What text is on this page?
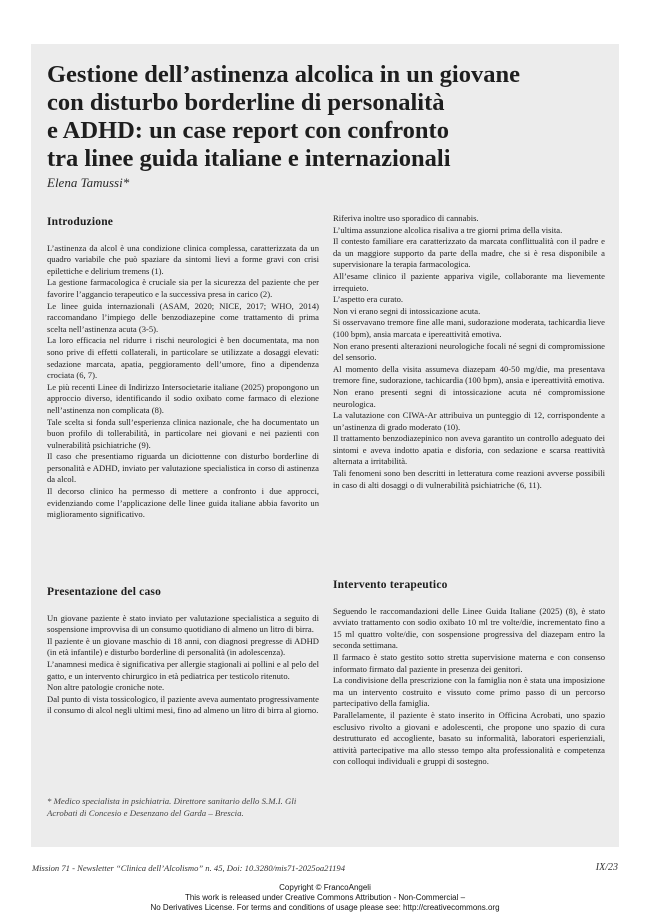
Gestione dell’astinenza alcolica in un giovane
con disturbo borderline di personalità
e ADHD: un case report con confronto
tra linee guida italiane e internazionali
Elena Tamussi*
Introduzione

L’astinenza da alcol è una condizione clinica complessa, caratterizzata da un quadro variabile che può spaziare da sintomi lievi a forme gravi con crisi epilettiche e delirium tremens (1).

La gestione farmacologica è cruciale sia per la sicurezza del paziente che per favorire l’aggancio terapeutico e la successiva presa in carico (2).

Le linee guida internazionali (ASAM, 2020; NICE, 2017; WHO, 2014) raccomandano l’impiego delle benzodiazepine come trattamento di prima scelta nell’astinenza acuta (3-5).

La loro efficacia nel ridurre i rischi neurologici è ben documentata, ma non sono prive di effetti collaterali, in particolare se utilizzate a dosaggi elevati: sedazione marcata, apatia, peggioramento dell’umore, fino a dipendenza crociata (6, 7).

Le più recenti Linee di Indirizzo Intersocietarie italiane (2025) propongono un approccio diverso, identificando il sodio oxibato come farmaco di elezione nell’astinenza non complicata (8).

Tale scelta si fonda sull’esperienza clinica nazionale, che ha documentato un buon profilo di tollerabilità, in particolare nei giovani e nei pazienti con vulnerabilità psichiatriche (9).

Il caso che presentiamo riguarda un diciottenne con disturbo borderline di personalità e ADHD, inviato per valutazione specialistica in corso di astinenza da alcol.

Il decorso clinico ha permesso di mettere a confronto i due approcci, evidenziando come l’applicazione delle linee guida italiane abbia favorito un miglioramento significativo.

Presentazione del caso

Un giovane paziente è stato inviato per valutazione specialistica a seguito di sospensione improvvisa di un consumo quotidiano di almeno un litro di birra.

Il paziente è un giovane maschio di 18 anni, con diagnosi pregresse di ADHD (in età infantile) e disturbo borderline di personalità (in adolescenza).

L’anamnesi medica è significativa per allergie stagionali ai pollini e al pelo del gatto, e un intervento chirurgico in età pediatrica per testicolo ritenuto.

Non altre patologie croniche note.

Dal punto di vista tossicologico, il paziente aveva aumentato progressivamente il consumo di alcol negli ultimi mesi, fino ad almeno un litro di birra al giorno.

* Medico specialista in psichiatria. Direttore sanitario dello S.M.I. Gli Acrobati di Concesio e Desenzano del Garda – Brescia.

Riferiva inoltre uso sporadico di cannabis.

L’ultima assunzione alcolica risaliva a tre giorni prima della visita.

Il contesto familiare era caratterizzato da marcata conflittualità con il padre e da un maggiore supporto da parte della madre, che si è resa disponibile a supervisionare la terapia farmacologica.

All’esame clinico il paziente appariva vigile, collaborante ma lievemente irrequieto.

L’aspetto era curato.

Non vi erano segni di intossicazione acuta.

Si osservavano tremore fine alle mani, sudorazione moderata, tachicardia lieve (100 bpm), ansia marcata e ipereattività emotiva.

Non erano presenti alterazioni neurologiche focali né segni di compromissione del sensorio.

Al momento della visita assumeva diazepam 40-50 mg/die, ma presentava tremore fine, sudorazione, tachicardia (100 bpm), ansia e ipereattività emotiva.

Non erano presenti segni di intossicazione acuta né compromissione neurologica.

La valutazione con CIWA-Ar attribuiva un punteggio di 12, corrispondente a un’astinenza di grado moderato (10).

Il trattamento benzodiazepinico non aveva garantito un controllo adeguato dei sintomi e aveva indotto apatia e disforia, con sedazione e scarsa reattività alternata a irritabilità.

Tali fenomeni sono ben descritti in letteratura come reazioni avverse possibili in caso di alti dosaggi o di vulnerabilità psichiatriche (6, 11).

Intervento terapeutico

Seguendo le raccomandazioni delle Linee Guida Italiane (2025) (8), è stato avviato trattamento con sodio oxibato 10 ml tre volte/die, incrementato fino a 15 ml quattro volte/die, con sospensione progressiva del diazepam entro la seconda settimana.

Il farmaco è stato gestito sotto stretta supervisione materna e con consenso informato firmato dal paziente in presenza dei genitori.

La condivisione della prescrizione con la famiglia non è stata una imposizione ma un intervento costruito e vissuto come primo passo di un percorso partecipativo della famiglia.

Parallelamente, il paziente è stato inserito in Officina Acrobati, uno spazio esclusivo rivolto a giovani e adolescenti, che propone uno spazio di cura destrutturato ed accogliente, basato su informalità, laboratori esperienziali, attività partecipative ma allo stesso tempo alta professionalità e competenza con colloqui individuali e gruppi di sostegno.

Mission 71 - Newsletter “Clinica dell’Alcolismo” n. 45, Doi: 10.3280/mis71-2025oa21194	IX/23
Copyright © FrancoAngeli
This work is released under Creative Commons Attribution - Non-Commercial –
No Derivatives License. For terms and conditions of usage please see: http://creativecommons.org
